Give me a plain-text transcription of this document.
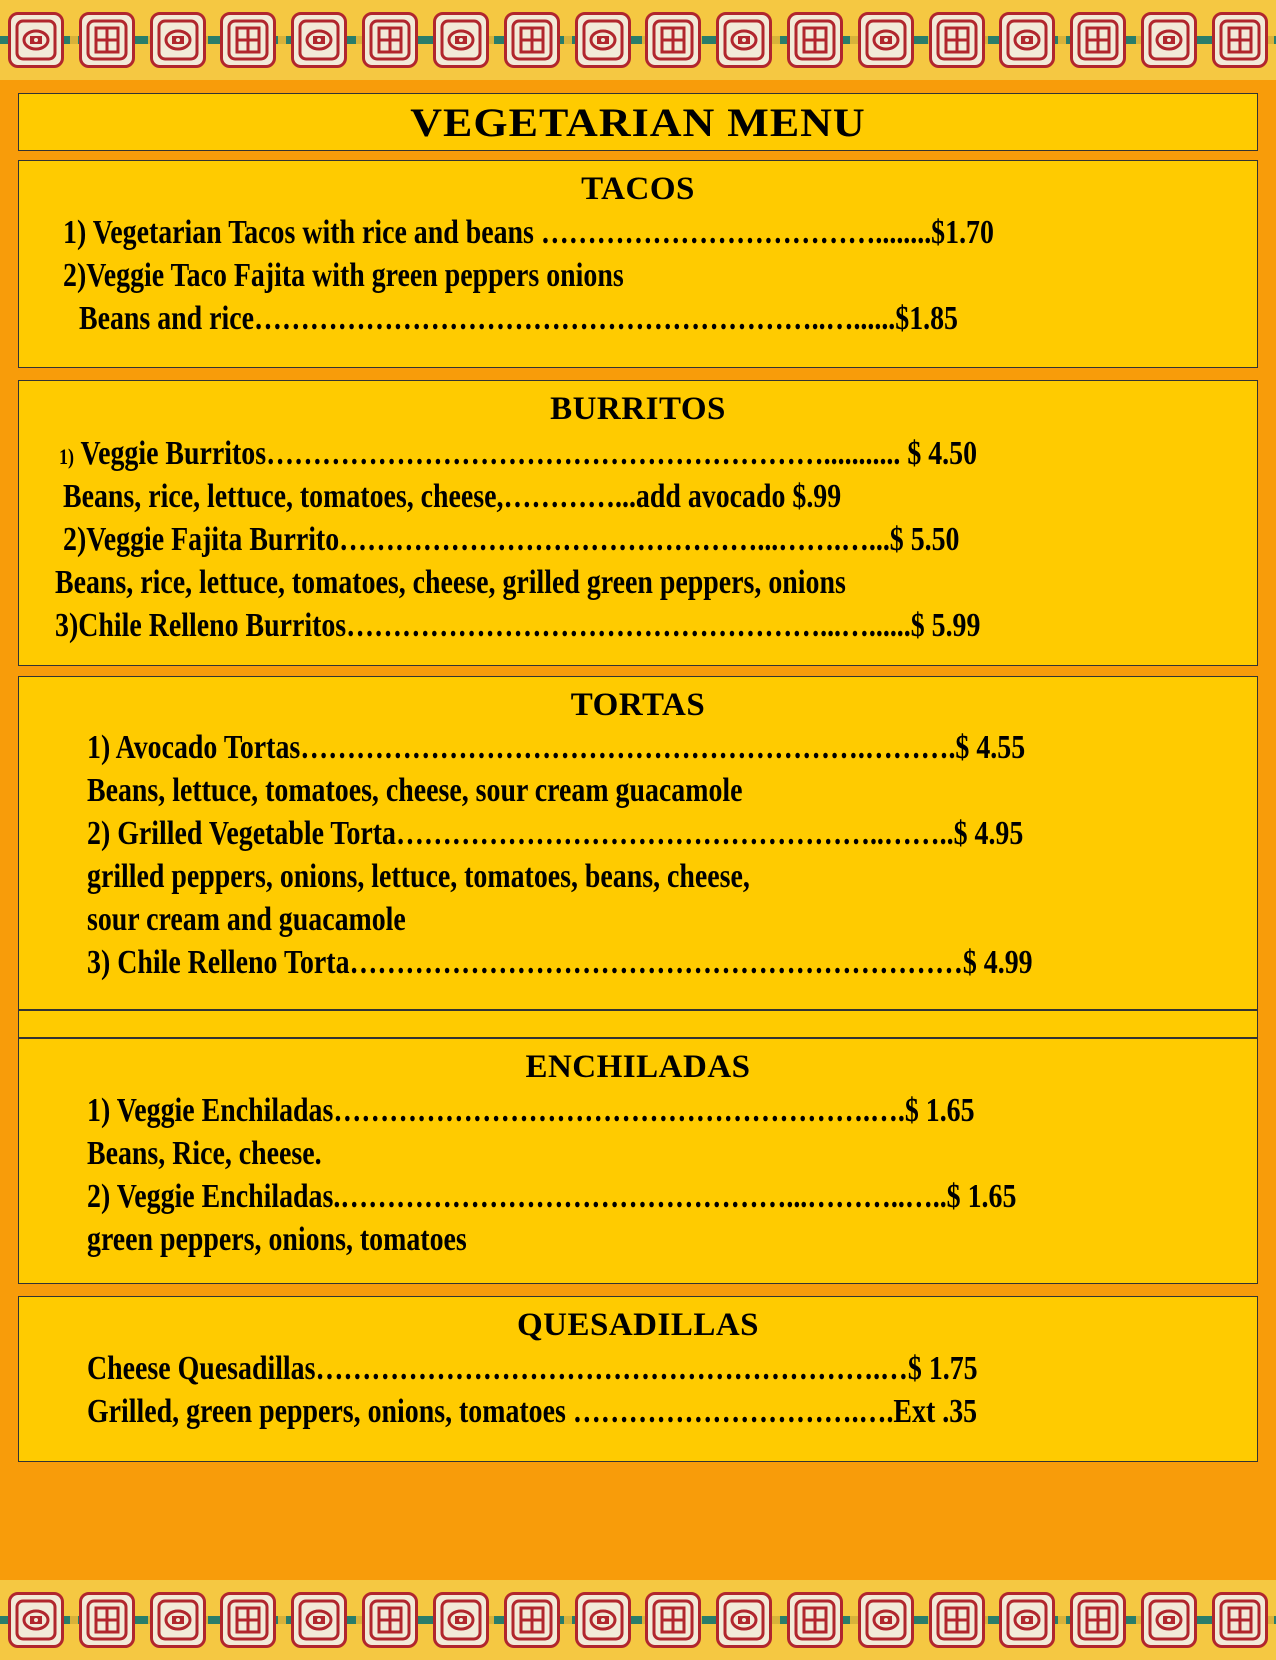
VEGETARIAN MENU
TACOS
1) Vegetarian Tacos with rice and beans ………………………………........$1.70
2)Veggie Taco Fajita with green peppers onions
Beans and rice……………………………………………………..…......$1.85
BURRITOS
1) Veggie Burritos……………………………………………………........... $ 4.50
Beans, rice, lettuce, tomatoes, cheese,…………...add avocado $.99
2)Veggie Fajita Burrito………………………………………...…….…...$ 5.50
Beans, rice, lettuce, tomatoes, cheese, grilled green peppers, onions
3)Chile Relleno Burritos……………………………………………...…......$ 5.99
TORTAS
1) Avocado Tortas…………………………………………………….……….$ 4.55
Beans, lettuce, tomatoes, cheese, sour cream guacamole
2) Grilled Vegetable Torta……………………………………………..……..$ 4.95
grilled peppers, onions, lettuce, tomatoes, beans, cheese,
sour cream and guacamole
3) Chile Relleno Torta…………………………………………………………$ 4.99
ENCHILADAS
1) Veggie Enchiladas………………………………………………….….$ 1.65
Beans, Rice, cheese.
2) Veggie Enchiladas.…………………………………………...………..…..$ 1.65
green peppers, onions, tomatoes
QUESADILLAS
Cheese Quesadillas…………………………………………………….…$ 1.75
Grilled, green peppers, onions, tomatoes ………………………….….Ext .35
